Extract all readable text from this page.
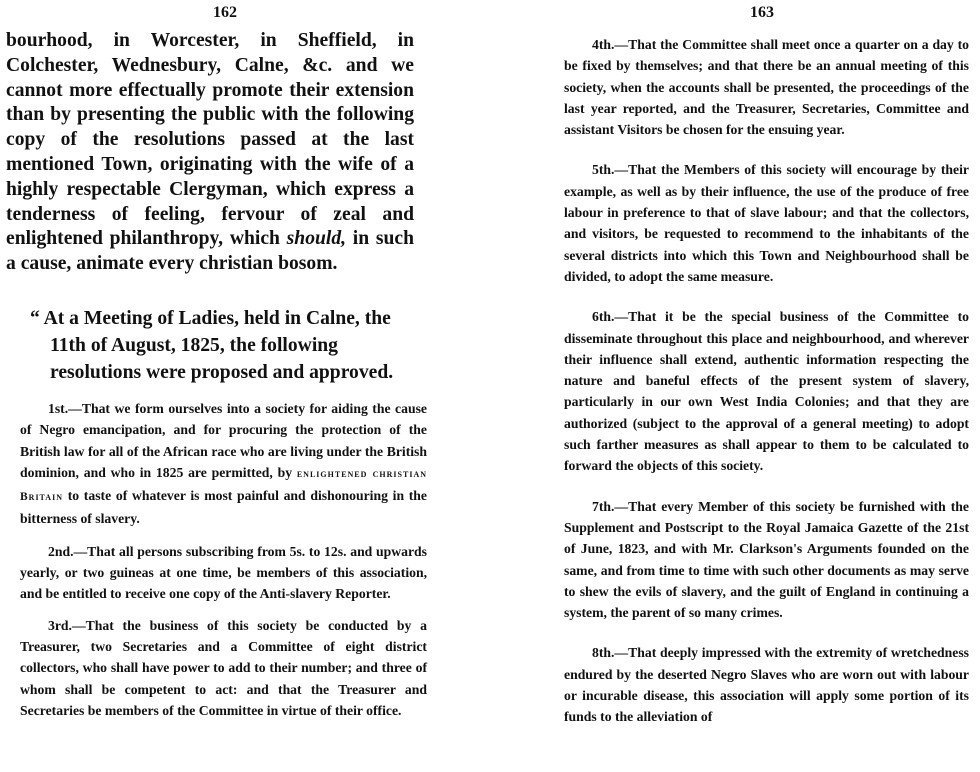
162
bourhood, in Worcester, in Sheffield, in Colchester, Wednesbury, Calne, &c. and we cannot more effectually promote their extension than by presenting the public with the following copy of the resolutions passed at the last mentioned Town, originating with the wife of a highly respectable Clergyman, which express a tenderness of feeling, fervour of zeal and enlightened philanthropy, which should, in such a cause, animate every christian bosom.

“ At a Meeting of Ladies, held in Calne, the 11th of August, 1825, the following resolutions were proposed and approved.

1st.—That we form ourselves into a society for aiding the cause of Negro emancipation, and for procuring the protection of the British law for all of the African race who are living under the British dominion, and who in 1825 are permitted, by enlightened christian Britain to taste of whatever is most painful and dishonouring in the bitterness of slavery.

2nd.—That all persons subscribing from 5s. to 12s. and upwards yearly, or two guineas at one time, be members of this association, and be entitled to receive one copy of the Anti-slavery Reporter.

3rd.—That the business of this society be conducted by a Treasurer, two Secretaries and a Committee of eight district collectors, who shall have power to add to their number; and three of whom shall be competent to act: and that the Treasurer and Secretaries be members of the Committee in virtue of their office.

163

4th.—That the Committee shall meet once a quarter on a day to be fixed by themselves; and that there be an annual meeting of this society, when the accounts shall be presented, the proceedings of the last year reported, and the Treasurer, Secretaries, Committee and assistant Visitors be chosen for the ensuing year.

5th.—That the Members of this society will encourage by their example, as well as by their influence, the use of the produce of free labour in preference to that of slave labour; and that the collectors, and visitors, be requested to recommend to the inhabitants of the several districts into which this Town and Neighbourhood shall be divided, to adopt the same measure.

6th.—That it be the special business of the Committee to disseminate throughout this place and neighbourhood, and wherever their influence shall extend, authentic information respecting the nature and baneful effects of the present system of slavery, particularly in our own West India Colonies; and that they are authorized (subject to the approval of a general meeting) to adopt such farther measures as shall appear to them to be calculated to forward the objects of this society.

7th.—That every Member of this society be furnished with the Supplement and Postscript to the Royal Jamaica Gazette of the 21st of June, 1823, and with Mr. Clarkson's Arguments founded on the same, and from time to time with such other documents as may serve to shew the evils of slavery, and the guilt of England in continuing a system, the parent of so many crimes.

8th.—That deeply impressed with the extremity of wretchedness endured by the deserted Negro Slaves who are worn out with labour or incurable disease, this association will apply some portion of its funds to the alleviation of
